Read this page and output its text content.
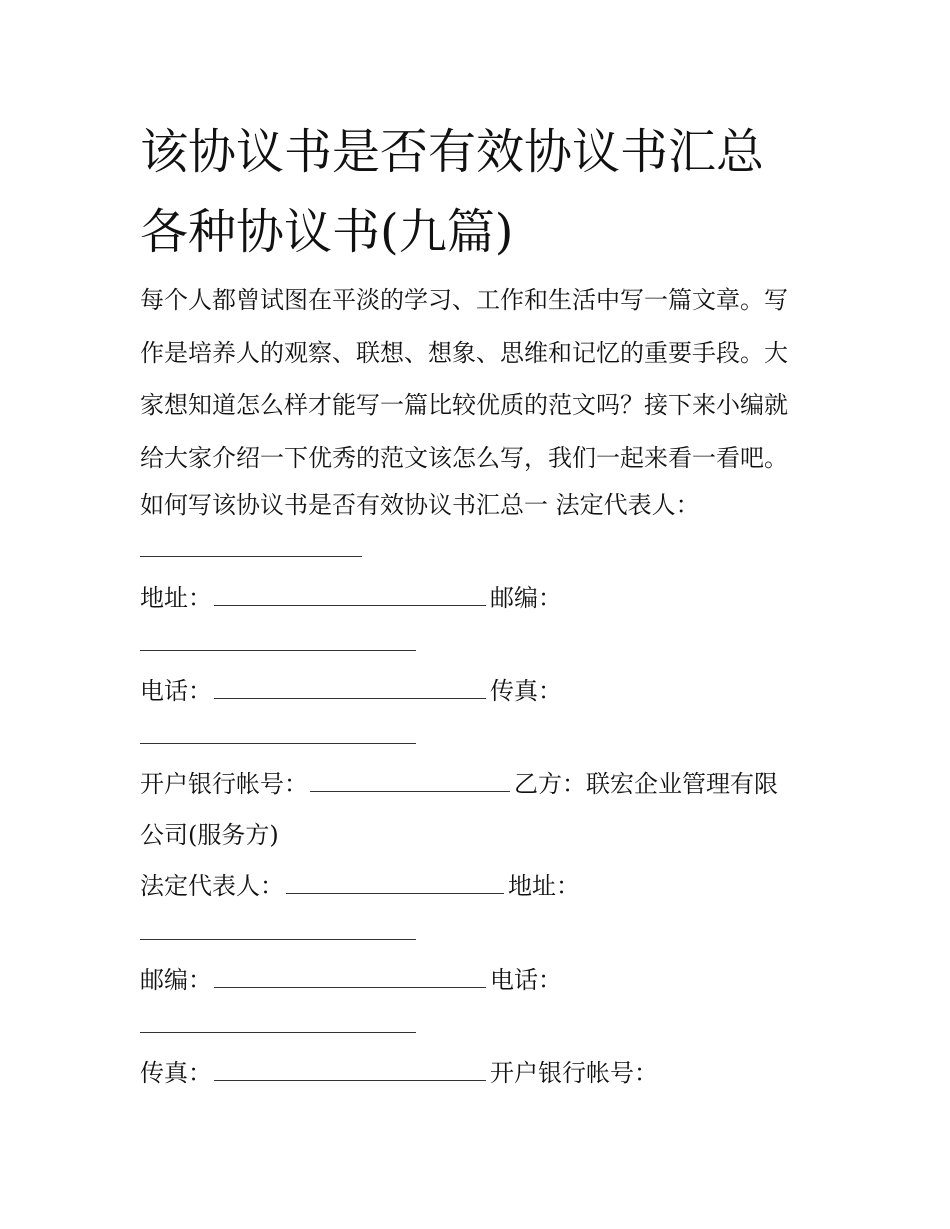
该协议书是否有效协议书汇总
各种协议书(九篇)
每个人都曾试图在平淡的学习、工作和生活中写一篇文章。写
作是培养人的观察、联想、想象、思维和记忆的重要手段。大
家想知道怎么样才能写一篇比较优质的范文吗？接下来小编就
给大家介绍一下优秀的范文该怎么写，我们一起来看一看吧。
如何写该协议书是否有效协议书汇总一 法定代表人：
地址：	邮编：
电话：	传真：
开户银行帐号：	乙方：联宏企业管理有限
公司(服务方)
法定代表人：	地址：
邮编：	电话：
传真：	开户银行帐号：
